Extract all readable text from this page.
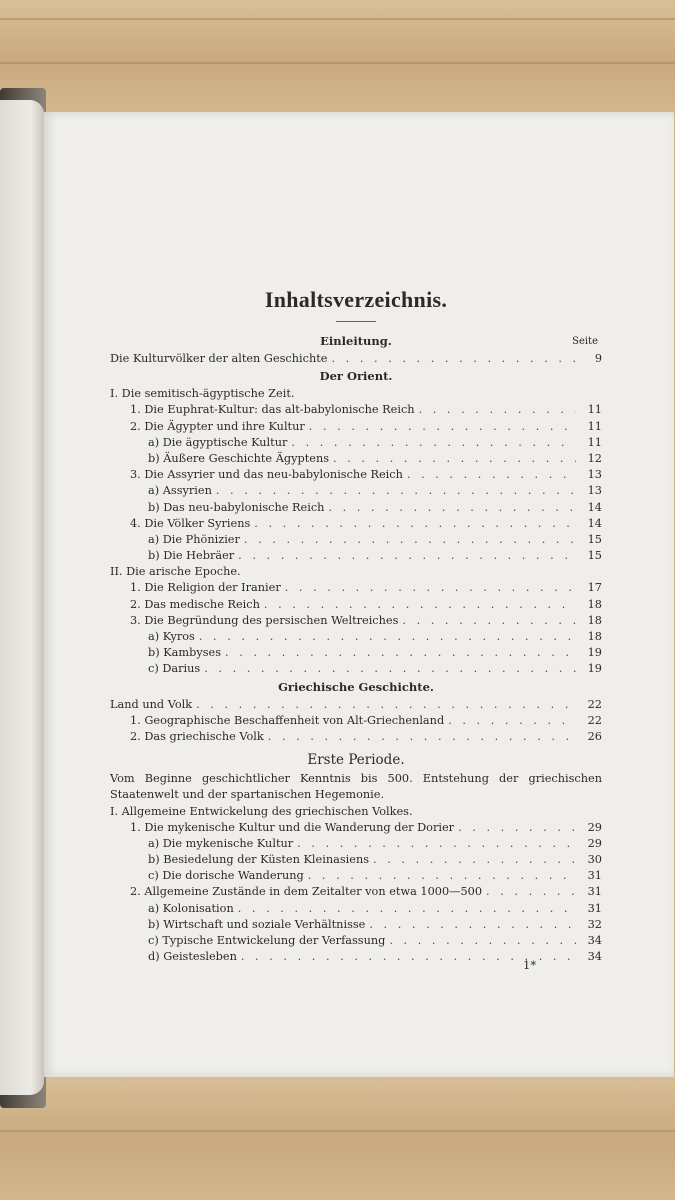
Inhaltsverzeichnis.
Einleitung.	Seite
Die Kulturvölker der alten Geschichte . . .	9
Der Orient.
I. Die semitisch-ägyptische Zeit.
1. Die Euphrat-Kultur: das alt-babylonische Reich . . .	11
2. Die Ägypter und ihre Kultur . . .	11
a) Die ägyptische Kultur . . .	11
b) Äußere Geschichte Ägyptens . . .	12
3. Die Assyrier und das neu-babylonische Reich . . .	13
a) Assyrien . . .	13
b) Das neu-babylonische Reich . . .	14
4. Die Völker Syriens . . .	14
a) Die Phönizier . . .	15
b) Die Hebräer . . .	15
II. Die arische Epoche.
1. Die Religion der Iranier . . .	17
2. Das medische Reich . . .	18
3. Die Begründung des persischen Weltreiches . . .	18
a) Kyros . . .	18
b) Kambyses . . .	19
c) Darius . . .	19
Griechische Geschichte.
Land und Volk . . .	22
1. Geographische Beschaffenheit von Alt-Griechenland . . .	22
2. Das griechische Volk . . .	26
Erste Periode.
Vom Beginne geschichtlicher Kenntnis bis 500. Entstehung der griechischen Staatenwelt und der spartanischen Hegemonie.
I. Allgemeine Entwickelung des griechischen Volkes.
1. Die mykenische Kultur und die Wanderung der Dorier . . .	29
a) Die mykenische Kultur . . .	29
b) Besiedelung der Küsten Kleinasiens . . .	30
c) Die dorische Wanderung . . .	31
2. Allgemeine Zustände in dem Zeitalter von etwa 1000—500 . . .	31
a) Kolonisation . . .	31
b) Wirtschaft und soziale Verhältnisse . . .	32
c) Typische Entwickelung der Verfassung . . .	34
d) Geistesleben . . .	34
1*
